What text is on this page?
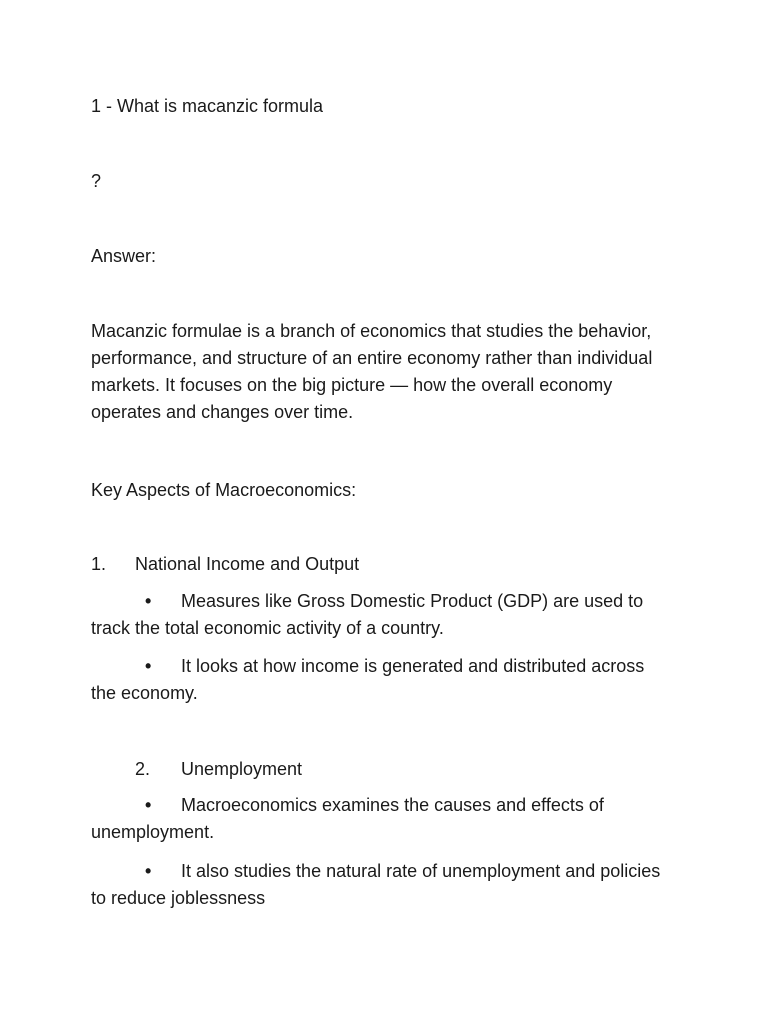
1 - What is macanzic formula

?

Answer:

Macanzic formulae is a branch of economics that studies the behavior,
performance, and structure of an entire economy rather than individual
markets. It focuses on the big picture — how the overall economy
operates and changes over time.

Key Aspects of Macroeconomics:

1. National Income and Output

• Measures like Gross Domestic Product (GDP) are used to
track the total economic activity of a country.
• It looks at how income is generated and distributed across
the economy.

2. Unemployment

• Macroeconomics examines the causes and effects of
unemployment.
• It also studies the natural rate of unemployment and policies
to reduce joblessness
